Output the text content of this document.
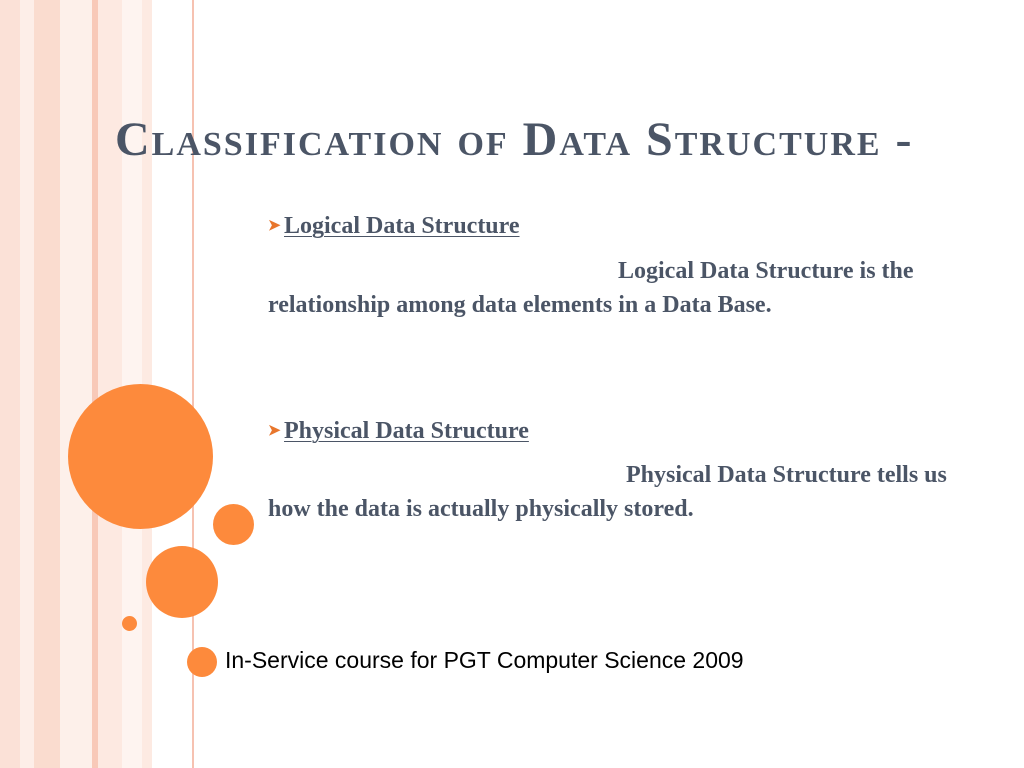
Classification of Data Structure -
➤ Logical Data Structure

Logical Data Structure is the relationship among data elements in a Data Base.

➤ Physical Data Structure

Physical Data Structure tells us how the data is actually physically stored.

In-Service course for PGT Computer Science 2009
